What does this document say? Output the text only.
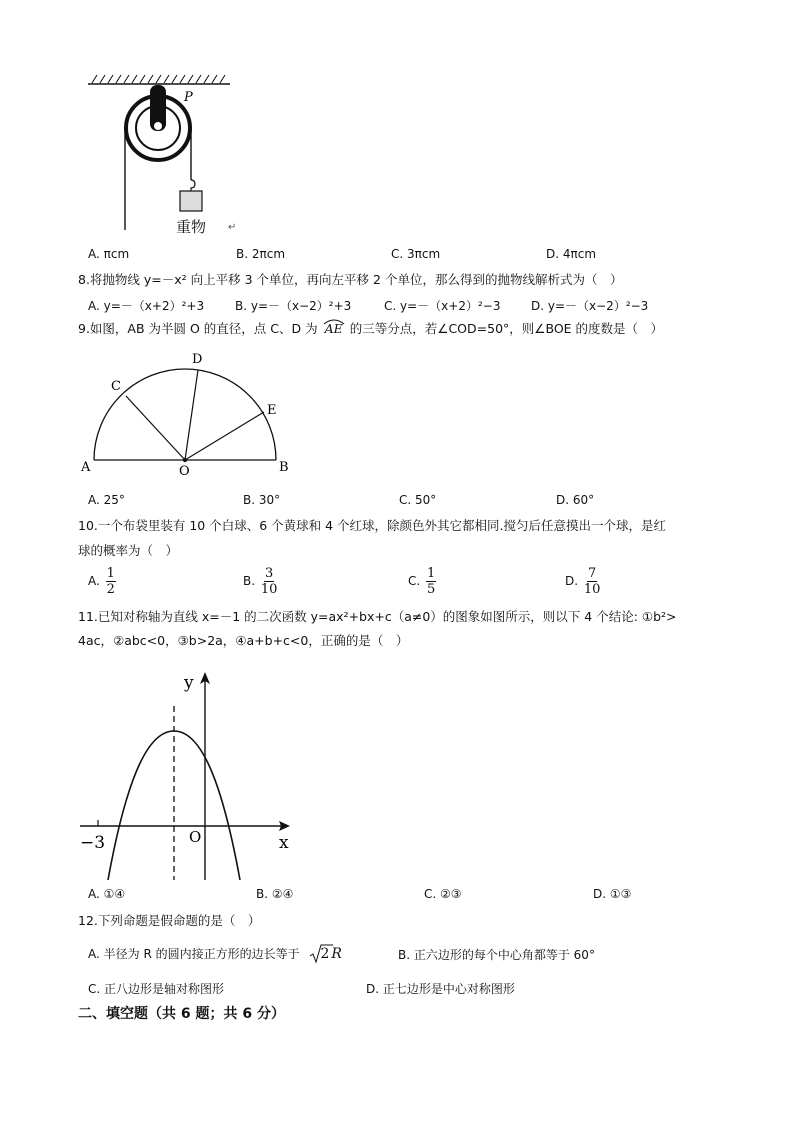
P
重物 ↵
A. πcm	B. 2πcm	C. 3πcm	D. 4πcm
8.将抛物线 y=－x² 向上平移 3 个单位，再向左平移 2 个单位，那么得到的抛物线解析式为（　）
A. y=－（x+2）²+3	B. y=－（x−2）²+3	C. y=－（x+2）²−3	D. y=－（x−2）²−3
9.如图，AB 为半圆 O 的直径，点 C、D 为 AE 的三等分点，若∠COD=50°，则∠BOE 的度数是（　）
A	B
C
D
E
O
A. 25°	B. 30°	C. 50°	D. 60°
10.一个布袋里装有 10 个白球、6 个黄球和 4 个红球，除颜色外其它都相同.搅匀后任意摸出一个球，是红
球的概率为（　）
A. $\frac{1}{2}$	B. $\frac{3}{10}$	C. $\frac{1}{5}$	D. $\frac{7}{10}$
11.已知对称轴为直线 x=－1 的二次函数 y=ax²+bx+c（a≠0）的图象如图所示，则以下 4 个结论: ①b²>
4ac，②abc<0，③b>2a，④a+b+c<0，正确的是（　）
y
x
O
−3
A. ①④	B. ②④	C. ②③	D. ①③
12.下列命题是假命题的是（　）
A. 半径为 R 的圆内接正方形的边长等于 2 R	B. 正六边形的每个中心角都等于 60°
C. 正八边形是轴对称图形	D. 正七边形是中心对称图形
二、填空题（共 6 题；共 6 分）
